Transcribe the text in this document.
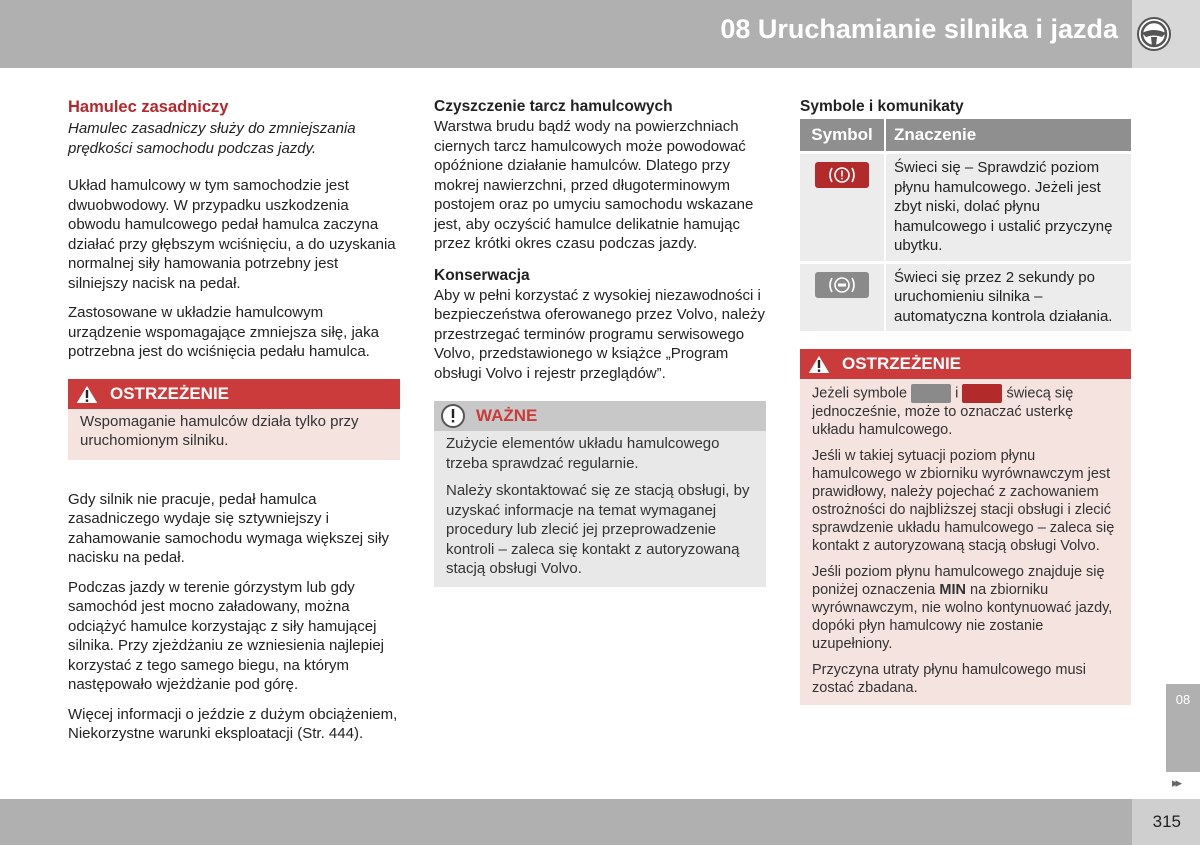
08 Uruchamianie silnika i jazda
Hamulec zasadniczy

Hamulec zasadniczy służy do zmniejszania prędkości samochodu podczas jazdy.

Układ hamulcowy w tym samochodzie jest dwuobwodowy. W przypadku uszkodzenia obwodu hamulcowego pedał hamulca zaczyna działać przy głębszym wciśnięciu, a do uzyskania normalnej siły hamowania potrzebny jest silniejszy nacisk na pedał.

Zastosowane w układzie hamulcowym urządzenie wspomagające zmniejsza siłę, jaka potrzebna jest do wciśnięcia pedału hamulca.

OSTRZEŻENIE

Wspomaganie hamulców działa tylko przy uruchomionym silniku.

Gdy silnik nie pracuje, pedał hamulca zasadniczego wydaje się sztywniejszy i zahamowanie samochodu wymaga większej siły nacisku na pedał.

Podczas jazdy w terenie górzystym lub gdy samochód jest mocno załadowany, można odciążyć hamulce korzystając z siły hamującej silnika. Przy zjeżdżaniu ze wzniesienia najlepiej korzystać z tego samego biegu, na którym następowało wjeżdżanie pod górę.

Więcej informacji o jeździe z dużym obciążeniem, Niekorzystne warunki eksploatacji (Str. 444).

Czyszczenie tarcz hamulcowych

Warstwa brudu bądź wody na powierzchniach ciernych tarcz hamulcowych może powodować opóźnione działanie hamulców. Dlatego przy mokrej nawierzchni, przed długoterminowym postojem oraz po umyciu samochodu wskazane jest, aby oczyścić hamulce delikatnie hamując przez krótki okres czasu podczas jazdy.

Konserwacja

Aby w pełni korzystać z wysokiej niezawodności i bezpieczeństwa oferowanego przez Volvo, należy przestrzegać terminów programu serwisowego Volvo, przedstawionego w książce „Program obsługi Volvo i rejestr przeglądów”.

WAŻNE

Zużycie elementów układu hamulcowego trzeba sprawdzać regularnie.

Należy skontaktować się ze stacją obsługi, by uzyskać informacje na temat wymaganej procedury lub zlecić jej przeprowadzenie kontroli – zaleca się kontakt z autoryzowaną stacją obsługi Volvo.

Symbole i komunikaty
Symbol	Znaczenie
	Świeci się – Sprawdzić poziom płynu hamulcowego. Jeżeli jest zbyt niski, dolać płynu hamulcowego i ustalić przyczynę ubytku.
	Świeci się przez 2 sekundy po uruchomieniu silnika – automatyczna kontrola działania.
OSTRZEŻENIE

Jeżeli symbole	i	świecą się jednocześnie, może to oznaczać usterkę układu hamulcowego.

Jeśli w takiej sytuacji poziom płynu hamulcowego w zbiorniku wyrównawczym jest prawidłowy, należy pojechać z zachowaniem ostrożności do najbliższej stacji obsługi i zlecić sprawdzenie układu hamulcowego – zaleca się kontakt z autoryzowaną stacją obsługi Volvo.

Jeśli poziom płynu hamulcowego znajduje się poniżej oznaczenia MIN na zbiorniku wyrównawczym, nie wolno kontynuować jazdy, dopóki płyn hamulcowy nie zostanie uzupełniony.

Przyczyna utraty płynu hamulcowego musi zostać zbadana.

08
▸▸
315
